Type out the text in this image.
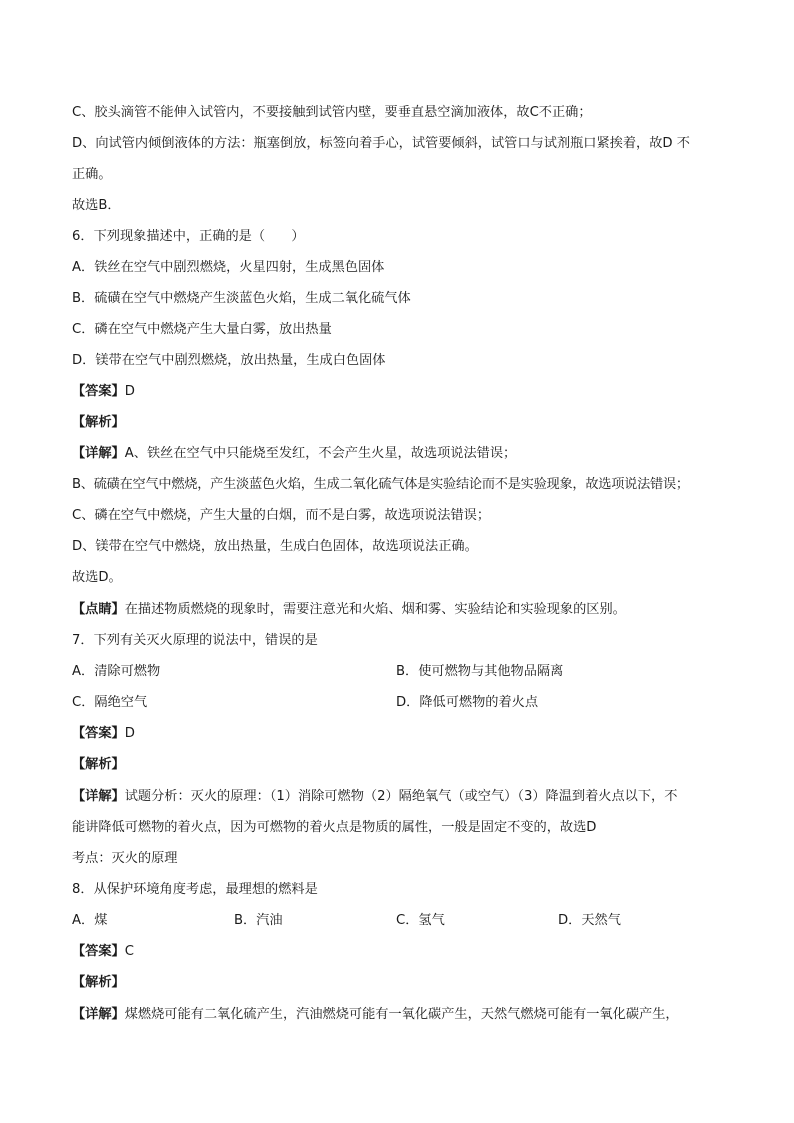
C、胶头滴管不能伸入试管内，不要接触到试管内壁，要垂直悬空滴加液体，故C不正确；
D、向试管内倾倒液体的方法：瓶塞倒放，标签向着手心，试管要倾斜，试管口与试剂瓶口紧挨着，故D 不
正确。
故选B．
6．下列现象描述中，正确的是（　　）
A．铁丝在空气中剧烈燃烧，火星四射，生成黑色固体
B．硫磺在空气中燃烧产生淡蓝色火焰，生成二氧化硫气体
C．磷在空气中燃烧产生大量白雾，放出热量
D．镁带在空气中剧烈燃烧，放出热量，生成白色固体
【答案】D
【解析】
【详解】A、铁丝在空气中只能烧至发红，不会产生火星，故选项说法错误；
B、硫磺在空气中燃烧，产生淡蓝色火焰，生成二氧化硫气体是实验结论而不是实验现象，故选项说法错误；
C、磷在空气中燃烧，产生大量的白烟，而不是白雾，故选项说法错误；
D、镁带在空气中燃烧，放出热量，生成白色固体，故选项说法正确。
故选D。
【点睛】在描述物质燃烧的现象时，需要注意光和火焰、烟和雾、实验结论和实验现象的区别。
7．下列有关灭火原理的说法中，错误的是
A．清除可燃物	B．使可燃物与其他物品隔离
C．隔绝空气	D．降低可燃物的着火点
【答案】D
【解析】
【详解】试题分析：灭火的原理：（1）消除可燃物（2）隔绝氧气（或空气）（3）降温到着火点以下，不
能讲降低可燃物的着火点，因为可燃物的着火点是物质的属性，一般是固定不变的，故选D
考点：灭火的原理
8．从保护环境角度考虑，最理想的燃料是
A．煤	B．汽油	C．氢气	D．天然气
【答案】C
【解析】
【详解】煤燃烧可能有二氧化硫产生，汽油燃烧可能有一氧化碳产生，天然气燃烧可能有一氧化碳产生，
